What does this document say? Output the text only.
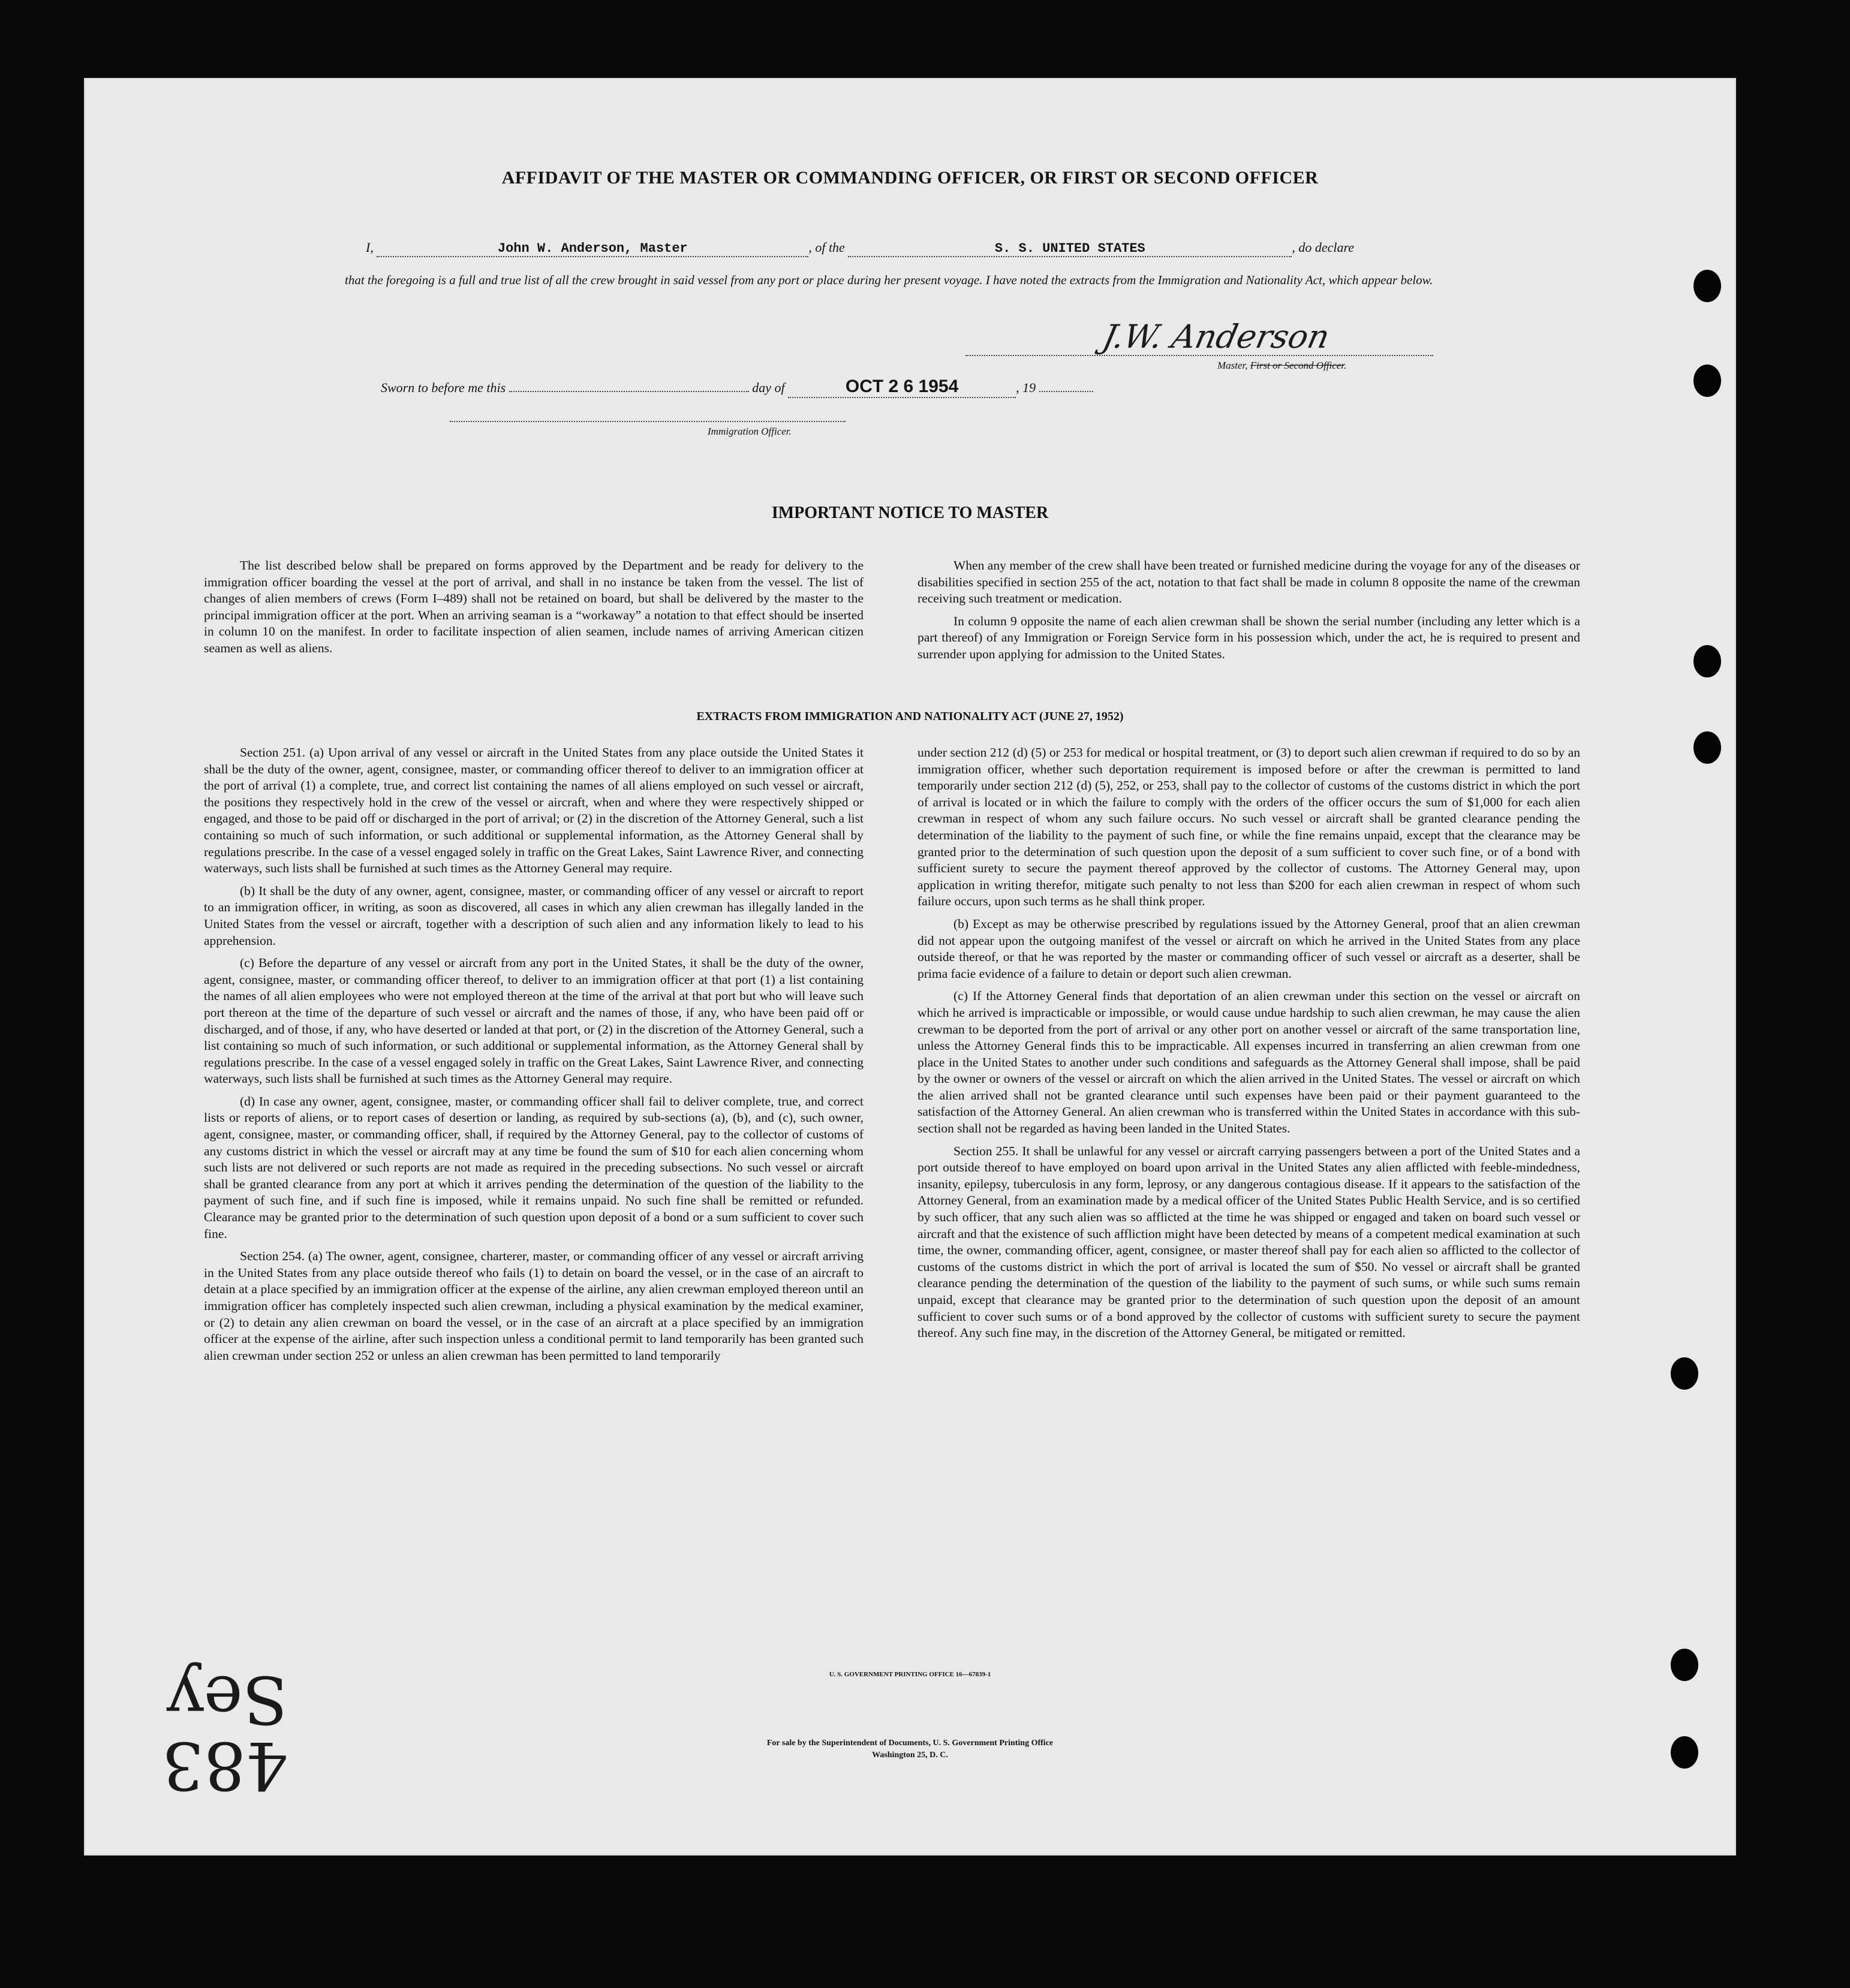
AFFIDAVIT OF THE MASTER OR COMMANDING OFFICER, OR FIRST OR SECOND OFFICER
I,	John W. Anderson, Master	, of the	S. S. UNITED STATES	, do declare
that the foregoing is a full and true list of all the crew brought in said vessel from any port or place during her present voyage. I have noted the extracts from the Immigration and Nationality Act, which appear below.
J.W. Anderson
Master, First or Second Officer.
Sworn to before me this	day of	OCT 2 6 1954	, 19
Immigration Officer.
IMPORTANT NOTICE TO MASTER

The list described below shall be prepared on forms approved by the Department and be ready for delivery to the immigration officer boarding the vessel at the port of arrival, and shall in no instance be taken from the vessel. The list of changes of alien members of crews (Form I–489) shall not be retained on board, but shall be delivered by the master to the principal immigration officer at the port. When an arriving seaman is a “workaway” a notation to that effect should be inserted in column 10 on the manifest. In order to facilitate inspection of alien seamen, include names of arriving American citizen seamen as well as aliens.

When any member of the crew shall have been treated or furnished medicine during the voyage for any of the diseases or disabilities specified in section 255 of the act, notation to that fact shall be made in column 8 opposite the name of the crewman receiving such treatment or medication.

In column 9 opposite the name of each alien crewman shall be shown the serial number (including any letter which is a part thereof) of any Immigration or Foreign Service form in his possession which, under the act, he is required to present and surrender upon applying for admission to the United States.

EXTRACTS FROM IMMIGRATION AND NATIONALITY ACT (JUNE 27, 1952)

Section 251. (a) Upon arrival of any vessel or aircraft in the United States from any place outside the United States it shall be the duty of the owner, agent, consignee, master, or commanding officer thereof to deliver to an immigration officer at the port of arrival (1) a complete, true, and correct list containing the names of all aliens employed on such vessel or aircraft, the positions they respectively hold in the crew of the vessel or aircraft, when and where they were respectively shipped or engaged, and those to be paid off or discharged in the port of arrival; or (2) in the discretion of the Attorney General, such a list containing so much of such information, or such additional or supplemental information, as the Attorney General shall by regulations prescribe. In the case of a vessel engaged solely in traffic on the Great Lakes, Saint Lawrence River, and connecting waterways, such lists shall be furnished at such times as the Attorney General may require.

(b) It shall be the duty of any owner, agent, consignee, master, or commanding officer of any vessel or aircraft to report to an immigration officer, in writing, as soon as discovered, all cases in which any alien crewman has illegally landed in the United States from the vessel or aircraft, together with a description of such alien and any information likely to lead to his apprehension.

(c) Before the departure of any vessel or aircraft from any port in the United States, it shall be the duty of the owner, agent, consignee, master, or commanding officer thereof, to deliver to an immigration officer at that port (1) a list containing the names of all alien employees who were not employed thereon at the time of the arrival at that port but who will leave such port thereon at the time of the departure of such vessel or aircraft and the names of those, if any, who have been paid off or discharged, and of those, if any, who have deserted or landed at that port, or (2) in the discretion of the Attorney General, such a list containing so much of such information, or such additional or supplemental information, as the Attorney General shall by regulations prescribe. In the case of a vessel engaged solely in traffic on the Great Lakes, Saint Lawrence River, and connecting waterways, such lists shall be furnished at such times as the Attorney General may require.

(d) In case any owner, agent, consignee, master, or commanding officer shall fail to deliver complete, true, and correct lists or reports of aliens, or to report cases of desertion or landing, as required by sub-sections (a), (b), and (c), such owner, agent, consignee, master, or commanding officer, shall, if required by the Attorney General, pay to the collector of customs of any customs district in which the vessel or aircraft may at any time be found the sum of $10 for each alien concerning whom such lists are not delivered or such reports are not made as required in the preceding subsections. No such vessel or aircraft shall be granted clearance from any port at which it arrives pending the determination of the question of the liability to the payment of such fine, and if such fine is imposed, while it remains unpaid. No such fine shall be remitted or refunded. Clearance may be granted prior to the determination of such question upon deposit of a bond or a sum sufficient to cover such fine.

Section 254. (a) The owner, agent, consignee, charterer, master, or commanding officer of any vessel or aircraft arriving in the United States from any place outside thereof who fails (1) to detain on board the vessel, or in the case of an aircraft to detain at a place specified by an immigration officer at the expense of the airline, any alien crewman employed thereon until an immigration officer has completely inspected such alien crewman, including a physical examination by the medical examiner, or (2) to detain any alien crewman on board the vessel, or in the case of an aircraft at a place specified by an immigration officer at the expense of the airline, after such inspection unless a conditional permit to land temporarily has been granted such alien crewman under section 252 or unless an alien crewman has been permitted to land temporarily

under section 212 (d) (5) or 253 for medical or hospital treatment, or (3) to deport such alien crewman if required to do so by an immigration officer, whether such deportation requirement is imposed before or after the crewman is permitted to land temporarily under section 212 (d) (5), 252, or 253, shall pay to the collector of customs of the customs district in which the port of arrival is located or in which the failure to comply with the orders of the officer occurs the sum of $1,000 for each alien crewman in respect of whom any such failure occurs. No such vessel or aircraft shall be granted clearance pending the determination of the liability to the payment of such fine, or while the fine remains unpaid, except that the clearance may be granted prior to the determination of such question upon the deposit of a sum sufficient to cover such fine, or of a bond with sufficient surety to secure the payment thereof approved by the collector of customs. The Attorney General may, upon application in writing therefor, mitigate such penalty to not less than $200 for each alien crewman in respect of whom such failure occurs, upon such terms as he shall think proper.

(b) Except as may be otherwise prescribed by regulations issued by the Attorney General, proof that an alien crewman did not appear upon the outgoing manifest of the vessel or aircraft on which he arrived in the United States from any place outside thereof, or that he was reported by the master or commanding officer of such vessel or aircraft as a deserter, shall be prima facie evidence of a failure to detain or deport such alien crewman.

(c) If the Attorney General finds that deportation of an alien crewman under this section on the vessel or aircraft on which he arrived is impracticable or impossible, or would cause undue hardship to such alien crewman, he may cause the alien crewman to be deported from the port of arrival or any other port on another vessel or aircraft of the same transportation line, unless the Attorney General finds this to be impracticable. All expenses incurred in transferring an alien crewman from one place in the United States to another under such conditions and safeguards as the Attorney General shall impose, shall be paid by the owner or owners of the vessel or aircraft on which the alien arrived in the United States. The vessel or aircraft on which the alien arrived shall not be granted clearance until such expenses have been paid or their payment guaranteed to the satisfaction of the Attorney General. An alien crewman who is transferred within the United States in accordance with this sub-section shall not be regarded as having been landed in the United States.

Section 255. It shall be unlawful for any vessel or aircraft carrying passengers between a port of the United States and a port outside thereof to have employed on board upon arrival in the United States any alien afflicted with feeble-mindedness, insanity, epilepsy, tuberculosis in any form, leprosy, or any dangerous contagious disease. If it appears to the satisfaction of the Attorney General, from an examination made by a medical officer of the United States Public Health Service, and is so certified by such officer, that any such alien was so afflicted at the time he was shipped or engaged and taken on board such vessel or aircraft and that the existence of such affliction might have been detected by means of a competent medical examination at such time, the owner, commanding officer, agent, consignee, or master thereof shall pay for each alien so afflicted to the collector of customs of the customs district in which the port of arrival is located the sum of $50. No vessel or aircraft shall be granted clearance pending the determination of the question of the liability to the payment of such sums, or while such sums remain unpaid, except that clearance may be granted prior to the determination of such question upon the deposit of an amount sufficient to cover such sums or of a bond approved by the collector of customs with sufficient surety to secure the payment thereof. Any such fine may, in the discretion of the Attorney General, be mitigated or remitted.

U. S. GOVERNMENT PRINTING OFFICE 16—67839-1
For sale by the Superintendent of Documents, U. S. Government Printing Office
Washington 25, D. C.
483 Sey
